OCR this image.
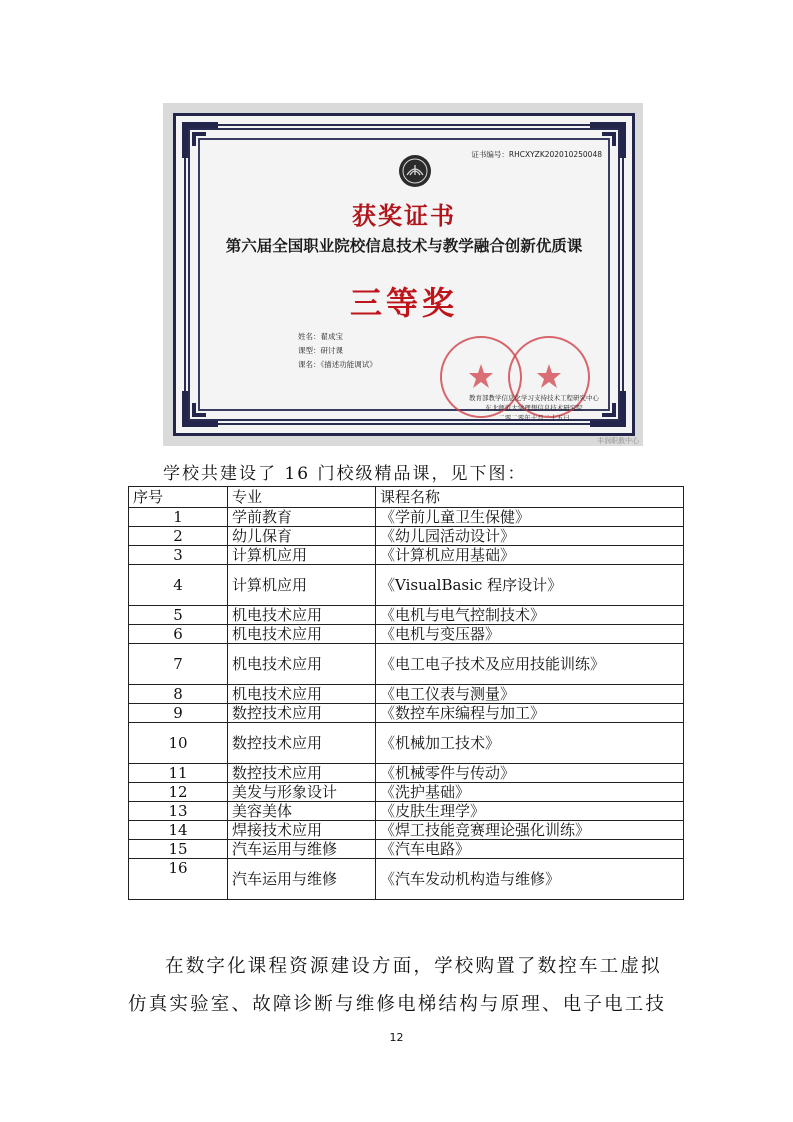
证书编号：RHCXYZK202010250048
获奖证书
第六届全国职业院校信息技术与教学融合创新优质课
三等奖
姓名：翟成宝
课型：研讨课
课名：《描述功能调试》
教育部教学信息化学习支持技术工程研究中心
东北师范大学理想信息技术研究院
二零二零年十月二十五日
丰润职教中心
学校共建设了 16 门校级精品课，见下图：
序号	专业	课程名称
1	学前教育	《学前儿童卫生保健》
2	幼儿保育	《幼儿园活动设计》
3	计算机应用	《计算机应用基础》
4	计算机应用	《VisualBasic 程序设计》
5	机电技术应用	《电机与电气控制技术》
6	机电技术应用	《电机与变压器》
7	机电技术应用	《电工电子技术及应用技能训练》
8	机电技术应用	《电工仪表与测量》
9	数控技术应用	《数控车床编程与加工》
10	数控技术应用	《机械加工技术》
11	数控技术应用	《机械零件与传动》
12	美发与形象设计	《洗护基础》
13	美容美体	《皮肤生理学》
14	焊接技术应用	《焊工技能竞赛理论强化训练》
15	汽车运用与维修	《汽车电路》
16	汽车运用与维修	《汽车发动机构造与维修》
在数字化课程资源建设方面，学校购置了数控车工虚拟
仿真实验室、故障诊断与维修电梯结构与原理、电子电工技
12
